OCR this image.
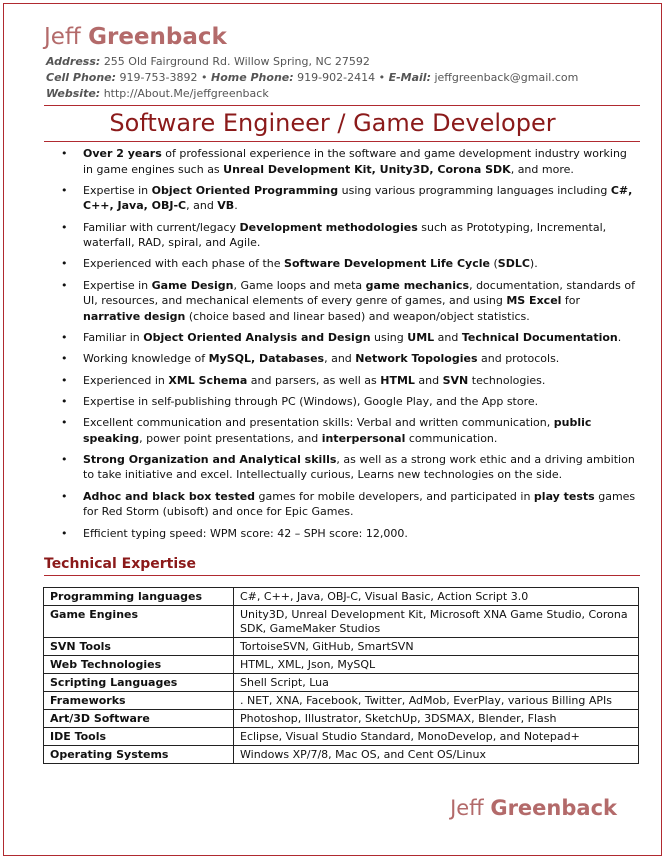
Jeff Greenback
Address: 255 Old Fairground Rd. Willow Spring, NC 27592
Cell Phone: 919-753-3892 • Home Phone: 919-902-2414 • E-Mail: jeffgreenback@gmail.com
Website: http://About.Me/jeffgreenback
Software Engineer / Game Developer
• Over 2 years of professional experience in the software and game development industry working in game engines such as Unreal Development Kit, Unity3D, Corona SDK, and more.
• Expertise in Object Oriented Programming using various programming languages including C#, C++, Java, OBJ-C, and VB.
• Familiar with current/legacy Development methodologies such as Prototyping, Incremental, waterfall, RAD, spiral, and Agile.
• Experienced with each phase of the Software Development Life Cycle (SDLC).
• Expertise in Game Design, Game loops and meta game mechanics, documentation, standards of UI, resources, and mechanical elements of every genre of games, and using MS Excel for narrative design (choice based and linear based) and weapon/object statistics.
• Familiar in Object Oriented Analysis and Design using UML and Technical Documentation.
• Working knowledge of MySQL, Databases, and Network Topologies and protocols.
• Experienced in XML Schema and parsers, as well as HTML and SVN technologies.
• Expertise in self-publishing through PC (Windows), Google Play, and the App store.
• Excellent communication and presentation skills: Verbal and written communication, public speaking, power point presentations, and interpersonal communication.
• Strong Organization and Analytical skills, as well as a strong work ethic and a driving ambition to take initiative and excel. Intellectually curious, Learns new technologies on the side.
• Adhoc and black box tested games for mobile developers, and participated in play tests games for Red Storm (ubisoft) and once for Epic Games.
• Efficient typing speed: WPM score: 42 – SPH score: 12,000.
Technical Expertise
Programming languages	C#, C++, Java, OBJ-C, Visual Basic, Action Script 3.0
Game Engines	Unity3D, Unreal Development Kit, Microsoft XNA Game Studio, Corona SDK, GameMaker Studios
SVN Tools	TortoiseSVN, GitHub, SmartSVN
Web Technologies	HTML, XML, Json, MySQL
Scripting Languages	Shell Script, Lua
Frameworks	. NET, XNA, Facebook, Twitter, AdMob, EverPlay, various Billing APIs
Art/3D Software	Photoshop, Illustrator, SketchUp, 3DSMAX, Blender, Flash
IDE Tools	Eclipse, Visual Studio Standard, MonoDevelop, and Notepad+
Operating Systems	Windows XP/7/8, Mac OS, and Cent OS/Linux
Jeff Greenback
